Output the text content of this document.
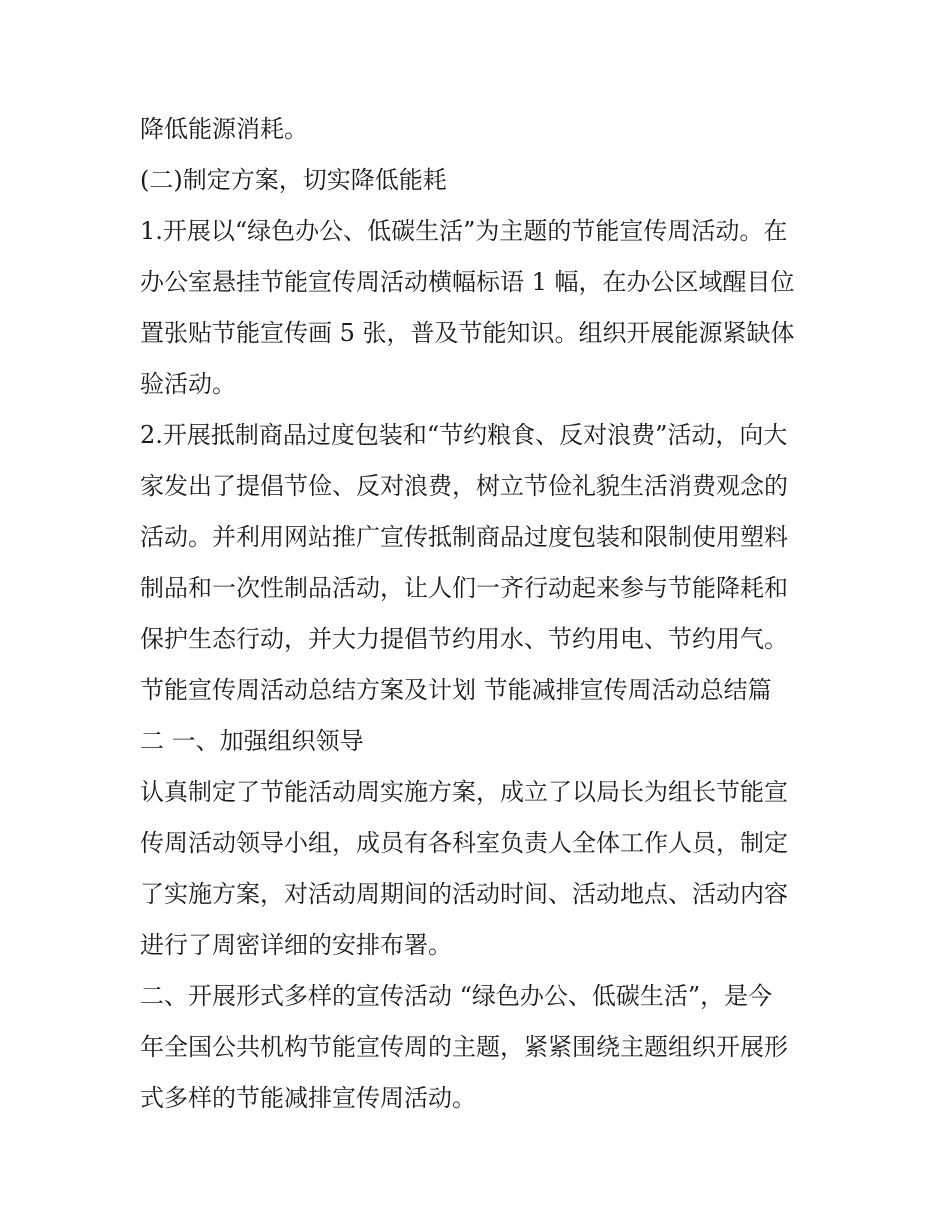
降低能源消耗。
(二)制定方案，切实降低能耗
1.开展以“绿色办公、低碳生活”为主题的节能宣传周活动。在
办公室悬挂节能宣传周活动横幅标语 1 幅，在办公区域醒目位
置张贴节能宣传画 5 张，普及节能知识。组织开展能源紧缺体
验活动。
2.开展抵制商品过度包装和“节约粮食、反对浪费”活动，向大
家发出了提倡节俭、反对浪费，树立节俭礼貌生活消费观念的
活动。并利用网站推广宣传抵制商品过度包装和限制使用塑料
制品和一次性制品活动，让人们一齐行动起来参与节能降耗和
保护生态行动，并大力提倡节约用水、节约用电、节约用气。
节能宣传周活动总结方案及计划 节能减排宣传周活动总结篇
二 一、加强组织领导
认真制定了节能活动周实施方案，成立了以局长为组长节能宣
传周活动领导小组，成员有各科室负责人全体工作人员，制定
了实施方案，对活动周期间的活动时间、活动地点、活动内容
进行了周密详细的安排布署。
二、开展形式多样的宣传活动 “绿色办公、低碳生活”，是今
年全国公共机构节能宣传周的主题，紧紧围绕主题组织开展形
式多样的节能减排宣传周活动。
